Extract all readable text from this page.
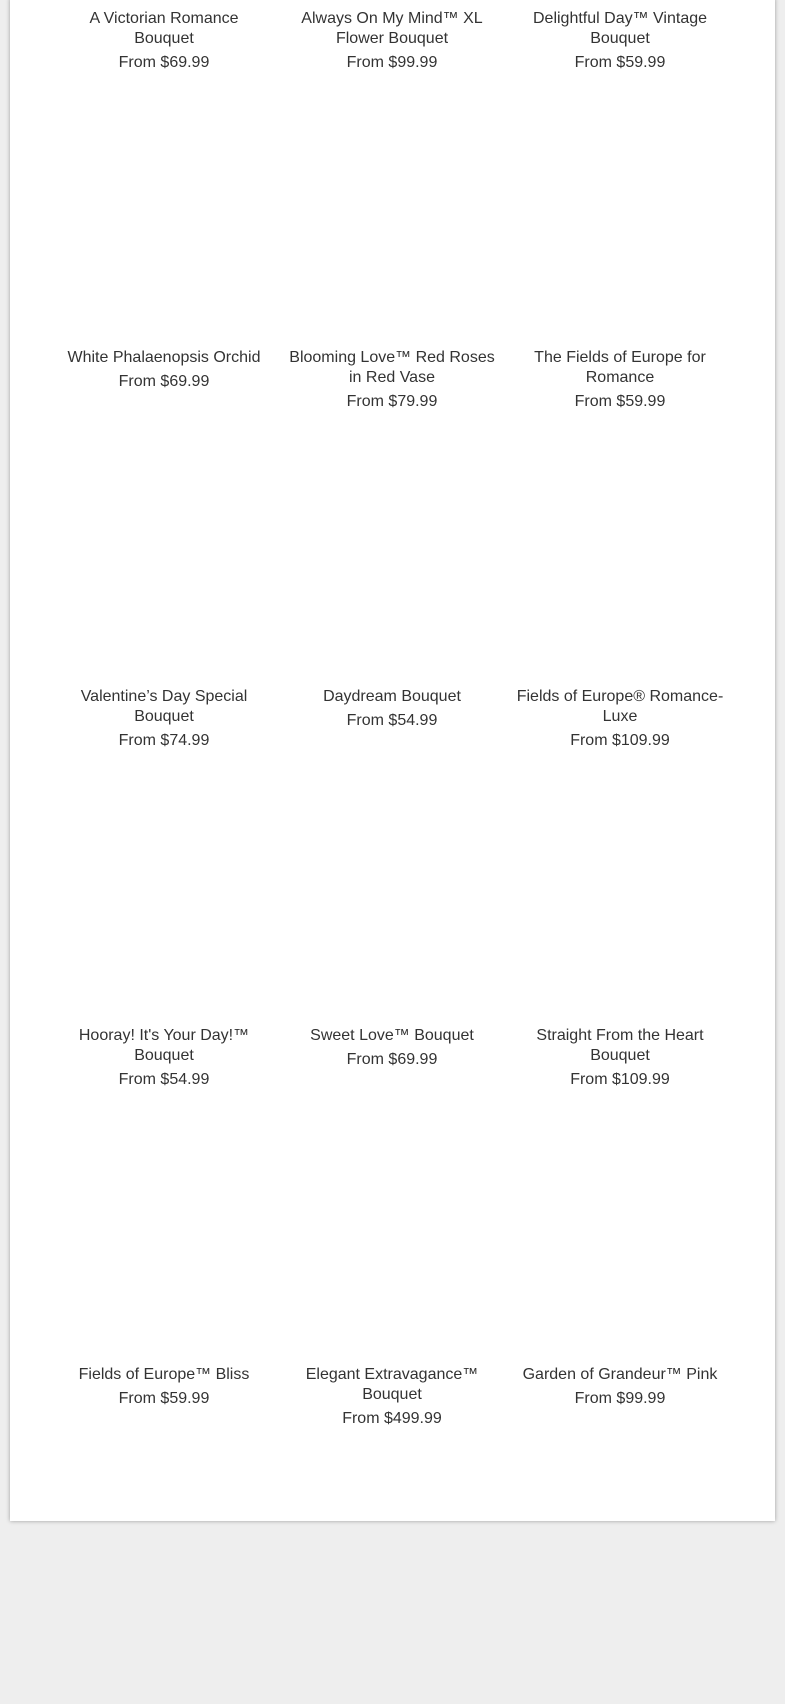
A Victorian Romance Bouquet
From $69.99
Always On My Mind™ XL Flower Bouquet
From $99.99
Delightful Day™ Vintage Bouquet
From $59.99
White Phalaenopsis Orchid
From $69.99
Blooming Love™ Red Roses in Red Vase
From $79.99
The Fields of Europe for Romance
From $59.99
Valentine’s Day Special Bouquet
From $74.99
Daydream Bouquet
From $54.99
Fields of Europe® Romance-Luxe
From $109.99
Hooray! It's Your Day!™ Bouquet
From $54.99
Sweet Love™ Bouquet
From $69.99
Straight From the Heart Bouquet
From $109.99
Fields of Europe™ Bliss
From $59.99
Elegant Extravagance™ Bouquet
From $499.99
Garden of Grandeur™ Pink
From $99.99
